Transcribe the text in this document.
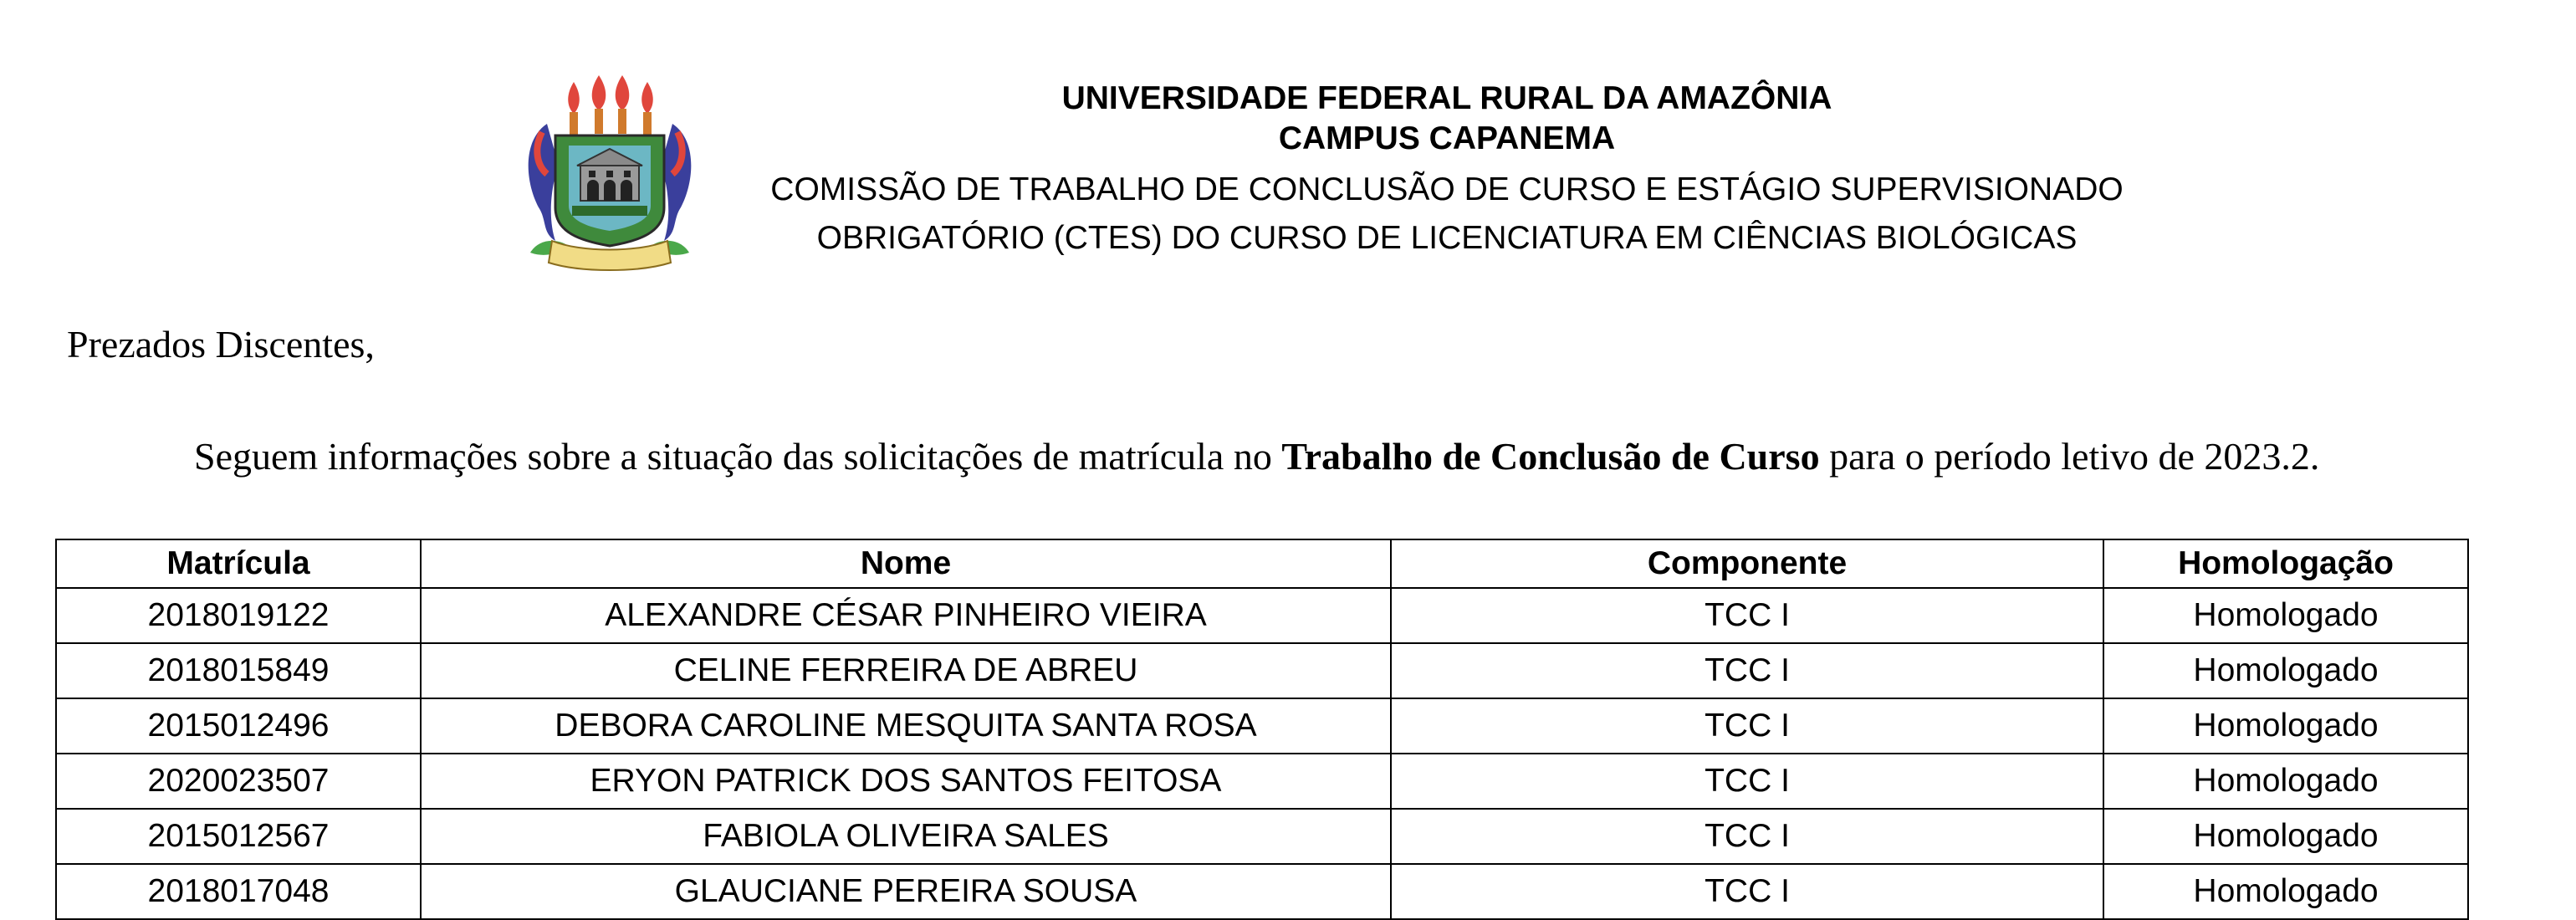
UNIVERSIDADE FEDERAL RURAL DA AMAZÔNIA
CAMPUS CAPANEMA
COMISSÃO DE TRABALHO DE CONCLUSÃO DE CURSO E ESTÁGIO SUPERVISIONADO
OBRIGATÓRIO (CTES) DO CURSO DE LICENCIATURA EM CIÊNCIAS BIOLÓGICAS
Prezados Discentes,
Seguem informações sobre a situação das solicitações de matrícula no Trabalho de Conclusão de Curso para o período letivo de 2023.2.
Matrícula	Nome	Componente	Homologação
2018019122	ALEXANDRE CÉSAR PINHEIRO VIEIRA	TCC I	Homologado
2018015849	CELINE FERREIRA DE ABREU	TCC I	Homologado
2015012496	DEBORA CAROLINE MESQUITA SANTA ROSA	TCC I	Homologado
2020023507	ERYON PATRICK DOS SANTOS FEITOSA	TCC I	Homologado
2015012567	FABIOLA OLIVEIRA SALES	TCC I	Homologado
2018017048	GLAUCIANE PEREIRA SOUSA	TCC I	Homologado
